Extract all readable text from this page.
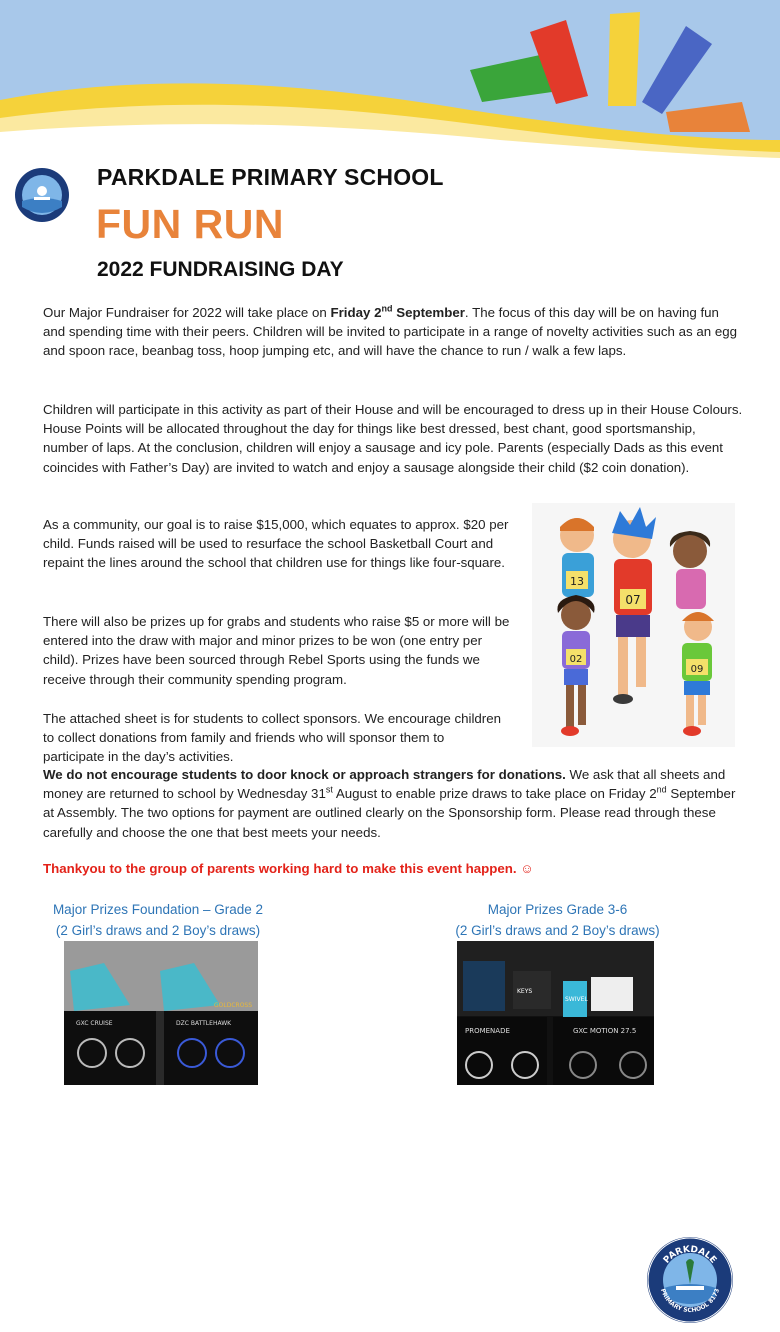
PARKDALE PRIMARY SCHOOL
FUN RUN
2022 FUNDRAISING DAY

Our Major Fundraiser for 2022 will take place on Friday 2nd September. The focus of this day will be on having fun and spending time with their peers. Children will be invited to participate in a range of novelty activities such as an egg and spoon race, beanbag toss, hoop jumping etc, and will have the chance to run / walk a few laps.

Children will participate in this activity as part of their House and will be encouraged to dress up in their House Colours. House Points will be allocated throughout the day for things like best dressed, best chant, good sportsmanship, number of laps. At the conclusion, children will enjoy a sausage and icy pole. Parents (especially Dads as this event coincides with Father’s Day) are invited to watch and enjoy a sausage alongside their child ($2 coin donation).

As a community, our goal is to raise $15,000, which equates to approx. $20 per child. Funds raised will be used to resurface the school Basketball Court and repaint the lines around the school that children use for things like four-square.

There will also be prizes up for grabs and students who raise $5 or more will be entered into the draw with major and minor prizes to be won (one entry per child). Prizes have been sourced through Rebel Sports using the funds we receive through their community spending program.

The attached sheet is for students to collect sponsors. We encourage children to collect donations from family and friends who will sponsor them to participate in the day’s activities.

We do not encourage students to door knock or approach strangers for donations. We ask that all sheets and money are returned to school by Wednesday 31st August to enable prize draws to take place on Friday 2nd September at Assembly. The two options for payment are outlined clearly on the Sponsorship form. Please read through these carefully and choose the one that best meets your needs.

Thankyou to the group of parents working hard to make this event happen. ☺

13
07
02
09
Major Prizes Foundation – Grade 2
(2 Girl’s draws and 2 Boy’s draws)
Major Prizes Grade 3-6
(2 Girl’s draws and 2 Boy’s draws)
GXC CRUISE	DZC BATTLEHAWK
GOLDCROSS
PROMENADE	GXC MOTION 27.5
SWIVEL
KEYS
PARKDALE
PRIMARY SCHOOL 8173
